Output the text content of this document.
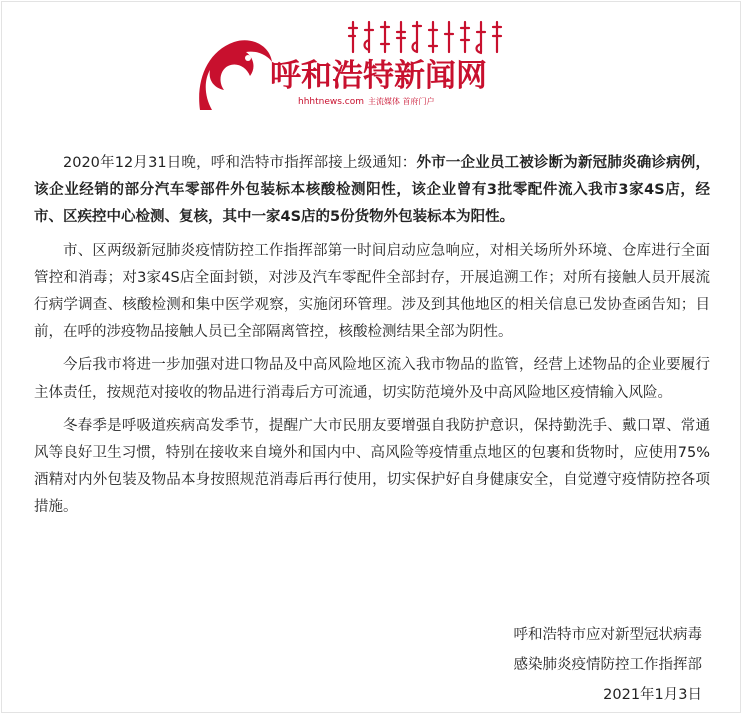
呼和浩特新闻网
hhhtnews.com 主流媒体 首府门户

2020年12月31日晚，呼和浩特市指挥部接上级通知：外市一企业员工被诊断为新冠肺炎确诊病例，该企业经销的部分汽车零部件外包装标本核酸检测阳性，该企业曾有3批零配件流入我市3家4S店，经市、区疾控中心检测、复核，其中一家4S店的5份货物外包装标本为阳性。

市、区两级新冠肺炎疫情防控工作指挥部第一时间启动应急响应，对相关场所外环境、仓库进行全面管控和消毒；对3家4S店全面封锁，对涉及汽车零配件全部封存，开展追溯工作；对所有接触人员开展流行病学调查、核酸检测和集中医学观察，实施闭环管理。涉及到其他地区的相关信息已发协查函告知；目前，在呼的涉疫物品接触人员已全部隔离管控，核酸检测结果全部为阴性。

今后我市将进一步加强对进口物品及中高风险地区流入我市物品的监管，经营上述物品的企业要履行主体责任，按规范对接收的物品进行消毒后方可流通，切实防范境外及中高风险地区疫情输入风险。

冬春季是呼吸道疾病高发季节，提醒广大市民朋友要增强自我防护意识，保持勤洗手、戴口罩、常通风等良好卫生习惯，特别在接收来自境外和国内中、高风险等疫情重点地区的包裹和货物时，应使用75%酒精对内外包装及物品本身按照规范消毒后再行使用，切实保护好自身健康安全，自觉遵守疫情防控各项措施。

呼和浩特市应对新型冠状病毒
感染肺炎疫情防控工作指挥部
2021年1月3日
